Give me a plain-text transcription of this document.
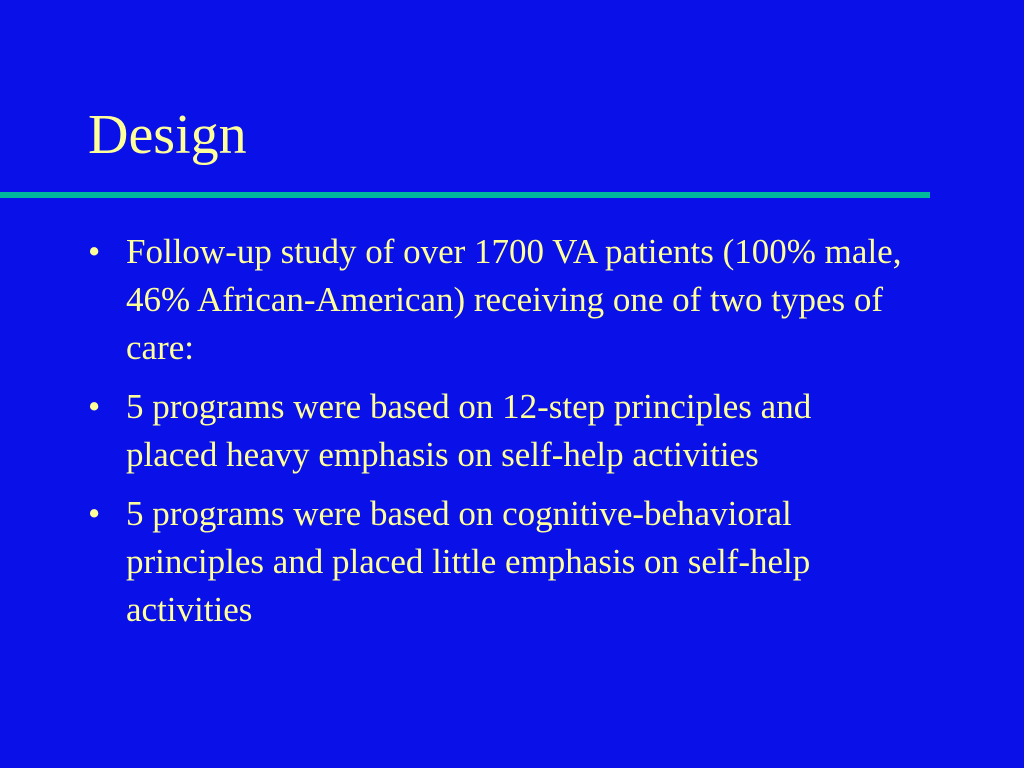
Design
• Follow-up study of over 1700 VA patients (100% male, 46% African-American) receiving one of two types of care:
• 5 programs were based on 12-step principles and placed heavy emphasis on self-help activities
• 5 programs were based on cognitive-behavioral principles and placed little emphasis on self-help activities
